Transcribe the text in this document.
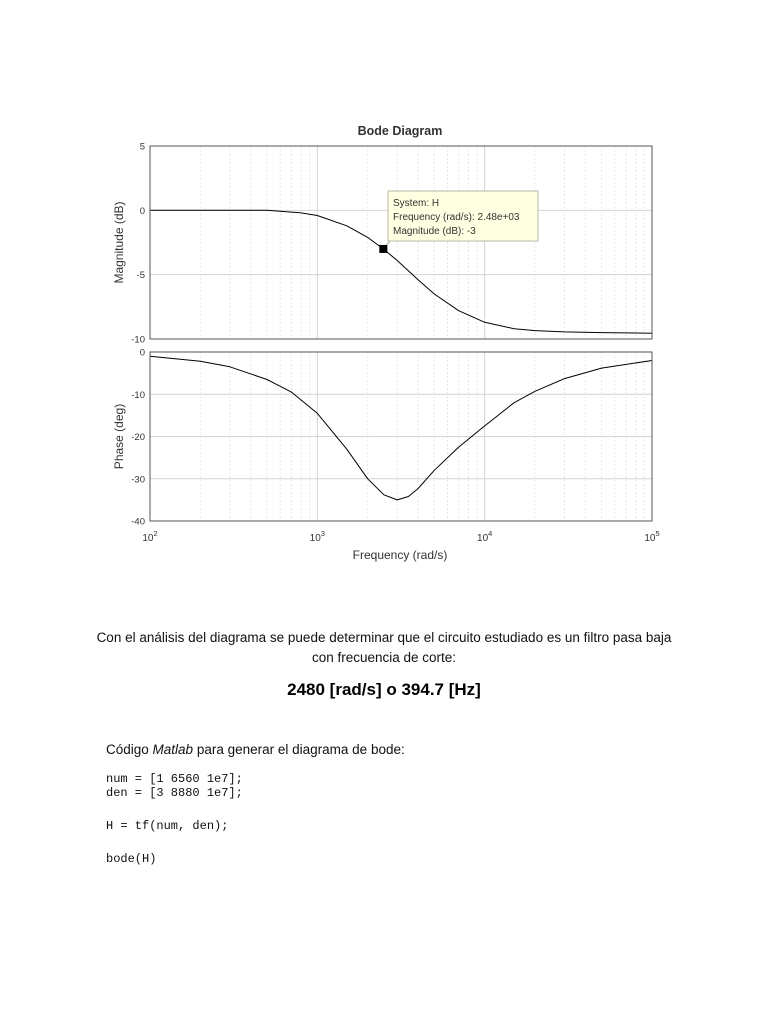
Bode Diagram
5
0
-5
-10
0
-10
-20
-30
-40
$10^2$	$10^3$	$10^4$	$10^5$
Magnitude (dB)
Phase (deg)
Frequency (rad/s)
System: H
Frequency (rad/s): 2.48e+03
Magnitude (dB): -3

Con el análisis del diagrama se puede determinar que el circuito estudiado es un filtro pasa baja
con frecuencia de corte:

2480 [rad/s] o 394.7 [Hz]

Código Matlab para generar el diagrama de bode:

num = [1 6560 1e7];
den = [3 8880 1e7];
H = tf(num, den);
bode(H)
